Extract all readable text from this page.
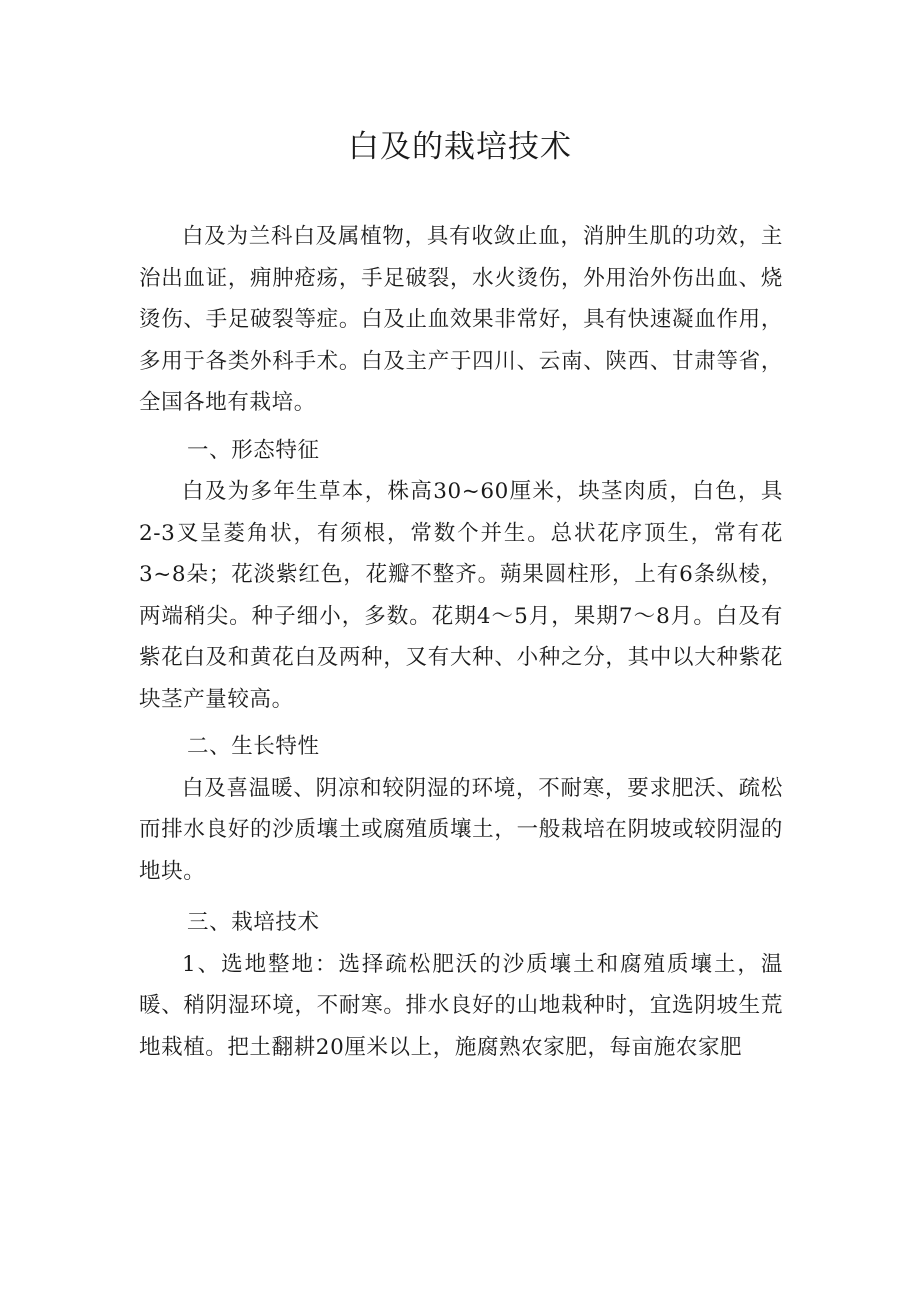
白及的栽培技术

白及为兰科白及属植物，具有收敛止血，消肿生肌的功效，主治出血证，痈肿疮疡，手足破裂，水火烫伤，外用治外伤出血、烧烫伤、手足破裂等症。白及止血效果非常好，具有快速凝血作用，多用于各类外科手术。白及主产于四川、云南、陕西、甘肃等省，全国各地有栽培。

一、形态特征

白及为多年生草本，株高30~60厘米，块茎肉质，白色，具2-3叉呈菱角状，有须根，常数个并生。总状花序顶生，常有花3~8朵；花淡紫红色，花瓣不整齐。蒴果圆柱形，上有6条纵棱，两端稍尖。种子细小，多数。花期4～5月，果期7～8月。白及有紫花白及和黄花白及两种，又有大种、小种之分，其中以大种紫花块茎产量较高。

二、生长特性

白及喜温暖、阴凉和较阴湿的环境，不耐寒，要求肥沃、疏松而排水良好的沙质壤土或腐殖质壤土，一般栽培在阴坡或较阴湿的地块。

三、栽培技术

1、选地整地：选择疏松肥沃的沙质壤土和腐殖质壤土，温暖、稍阴湿环境，不耐寒。排水良好的山地栽种时，宜选阴坡生荒地栽植。把土翻耕20厘米以上，施腐熟农家肥，每亩施农家肥
